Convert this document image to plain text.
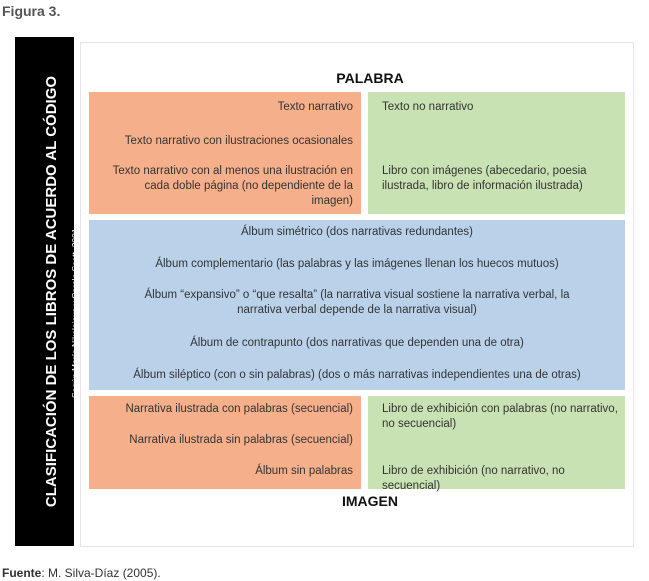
Figura 3.
CLASIFICACIÓN DE LOS LIBROS DE ACUERDO AL CÓDIGO	Según María Nikolajeva y Carole Scott, 2001.
PALABRA
Texto narrativo
Texto narrativo con ilustraciones ocasionales
Texto narrativo con al menos una ilustración en cada doble página (no dependiente de la imagen)
Texto no narrativo
Libro con imágenes (abecedario, poesia ilustrada, libro de información ilustrada)
Álbum simétrico (dos narrativas redundantes)
Álbum complementario (las palabras y las imágenes llenan los huecos mutuos)
Álbum “expansivo” o “que resalta” (la narrativa visual sostiene la narrativa verbal, la narrativa verbal depende de la narrativa visual)
Álbum de contrapunto (dos narrativas que dependen una de otra)
Álbum siléptico (con o sin palabras) (dos o más narrativas independientes una de otras)
Narrativa ilustrada con palabras (secuencial)
Narrativa ilustrada sin palabras (secuencial)
Álbum sin palabras
Libro de exhibición con palabras (no narrativo, no secuencial)
Libro de exhibición (no narrativo, no secuencial)
IMAGEN
Fuente: M. Silva-Díaz (2005).
